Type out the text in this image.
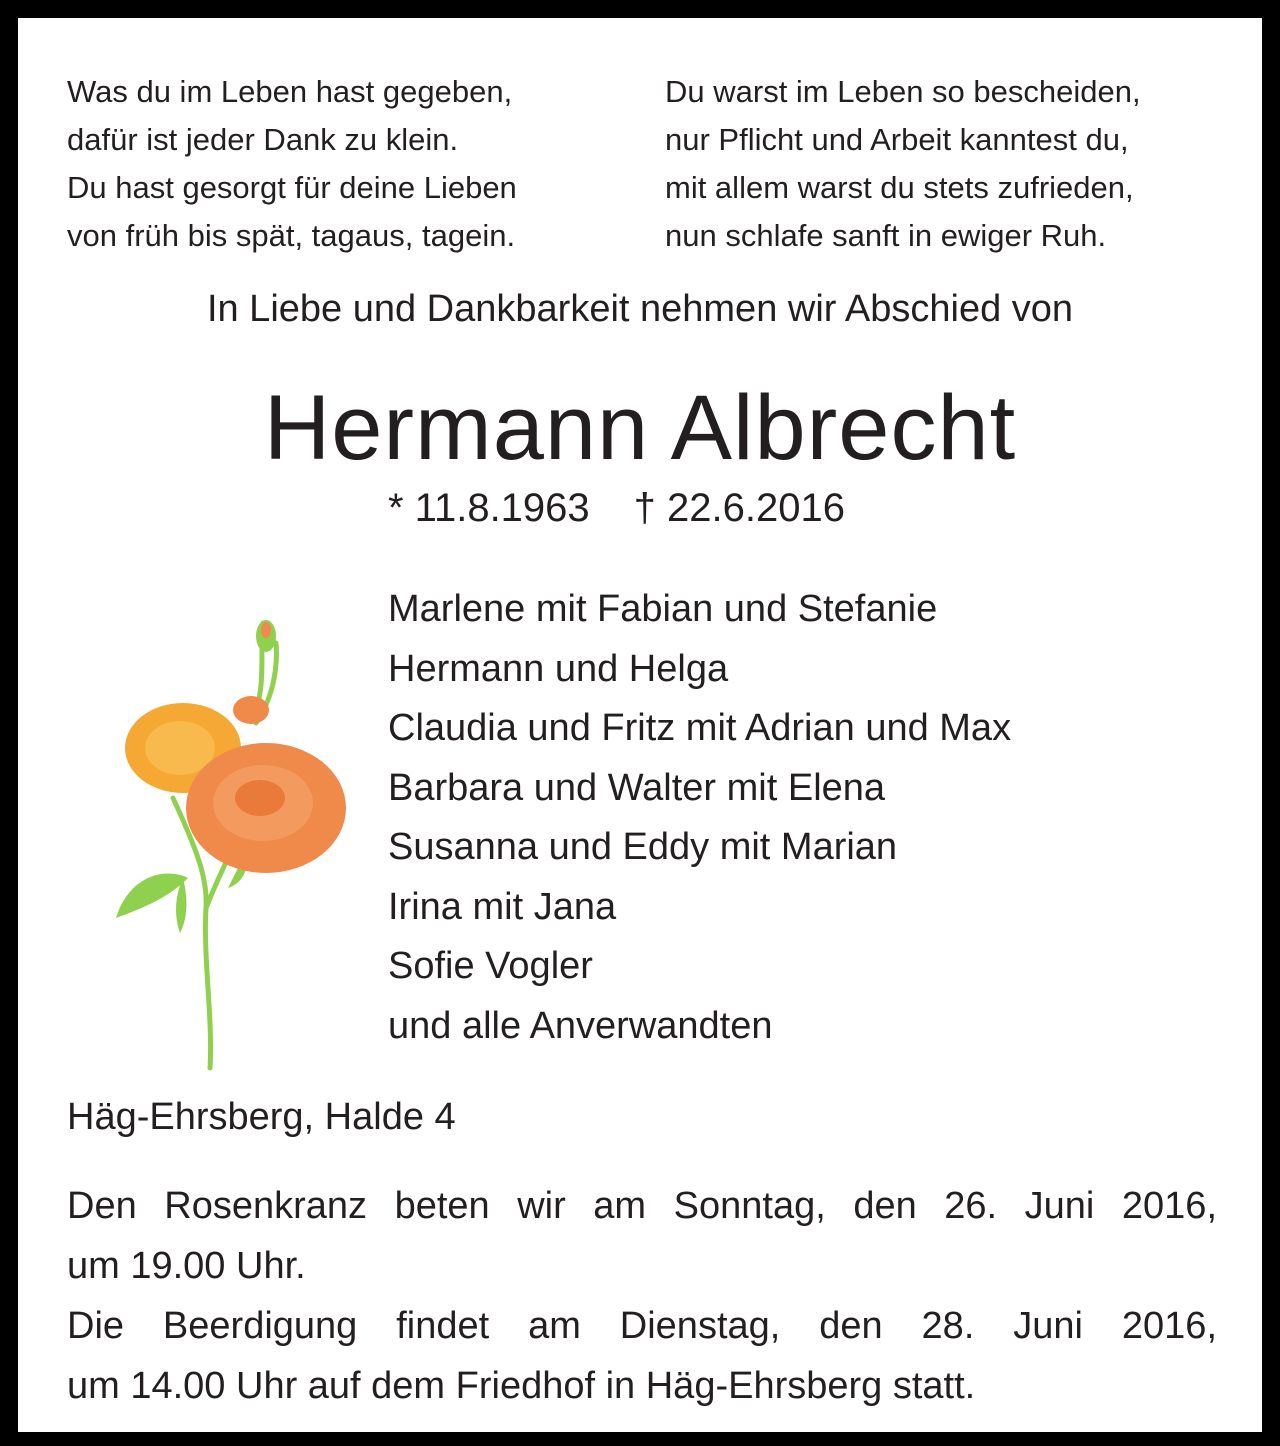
Was du im Leben hast gegeben,
dafür ist jeder Dank zu klein.
Du hast gesorgt für deine Lieben
von früh bis spät, tagaus, tagein.
Du warst im Leben so bescheiden,
nur Pflicht und Arbeit kanntest du,
mit allem warst du stets zufrieden,
nun schlafe sanft in ewiger Ruh.
In Liebe und Dankbarkeit nehmen wir Abschied von
Hermann Albrecht
* 11.8.1963 † 22.6.2016
Marlene mit Fabian und Stefanie
Hermann und Helga
Claudia und Fritz mit Adrian und Max
Barbara und Walter mit Elena
Susanna und Eddy mit Marian
Irina mit Jana
Sofie Vogler
und alle Anverwandten
Häg-Ehrsberg, Halde 4

Den Rosenkranz beten wir am Sonntag, den 26. Juni 2016,

um 19.00 Uhr.

Die Beerdigung findet am Dienstag, den 28. Juni 2016,

um 14.00 Uhr auf dem Friedhof in Häg-Ehrsberg statt.
